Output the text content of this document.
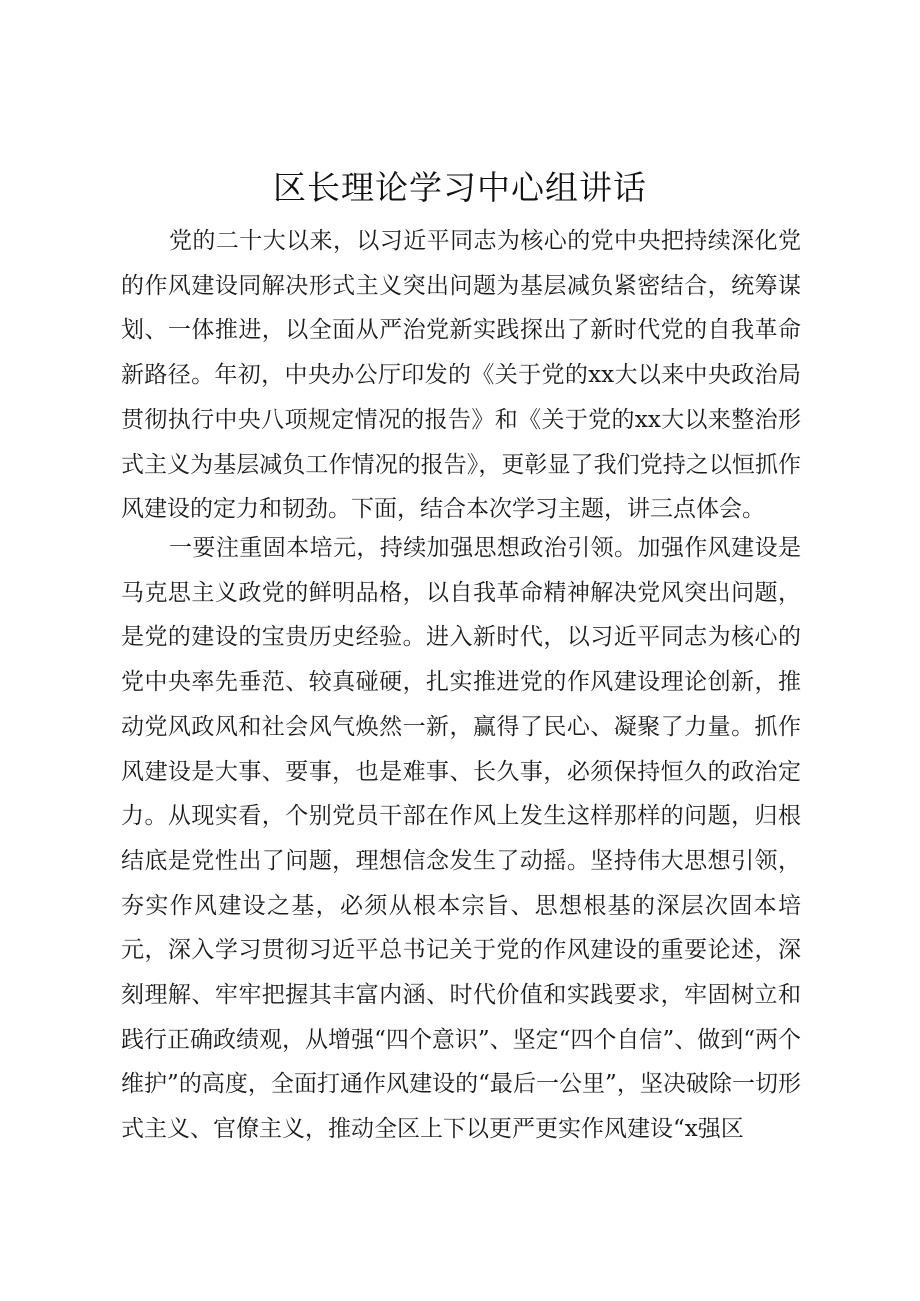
区长理论学习中心组讲话

党的二十大以来，以习近平同志为核心的党中央把持续深化党的作风建设同解决形式主义突出问题为基层减负紧密结合，统筹谋划、一体推进，以全面从严治党新实践探出了新时代党的自我革命新路径。年初，中央办公厅印发的《关于党的xx大以来中央政治局贯彻执行中央八项规定情况的报告》和《关于党的xx大以来整治形式主义为基层减负工作情况的报告》，更彰显了我们党持之以恒抓作风建设的定力和韧劲。下面，结合本次学习主题，讲三点体会。

一要注重固本培元，持续加强思想政治引领。加强作风建设是马克思主义政党的鲜明品格，以自我革命精神解决党风突出问题，是党的建设的宝贵历史经验。进入新时代，以习近平同志为核心的党中央率先垂范、较真碰硬，扎实推进党的作风建设理论创新，推动党风政风和社会风气焕然一新，赢得了民心、凝聚了力量。抓作风建设是大事、要事，也是难事、长久事，必须保持恒久的政治定力。从现实看，个别党员干部在作风上发生这样那样的问题，归根结底是党性出了问题，理想信念发生了动摇。坚持伟大思想引领，夯实作风建设之基，必须从根本宗旨、思想根基的深层次固本培元，深入学习贯彻习近平总书记关于党的作风建设的重要论述，深刻理解、牢牢把握其丰富内涵、时代价值和实践要求，牢固树立和践行正确政绩观，从增强“四个意识”、坚定“四个自信”、做到“两个维护”的高度，全面打通作风建设的“最后一公里”，坚决破除一切形式主义、官僚主义，推动全区上下以更严更实作风建设“x强区
